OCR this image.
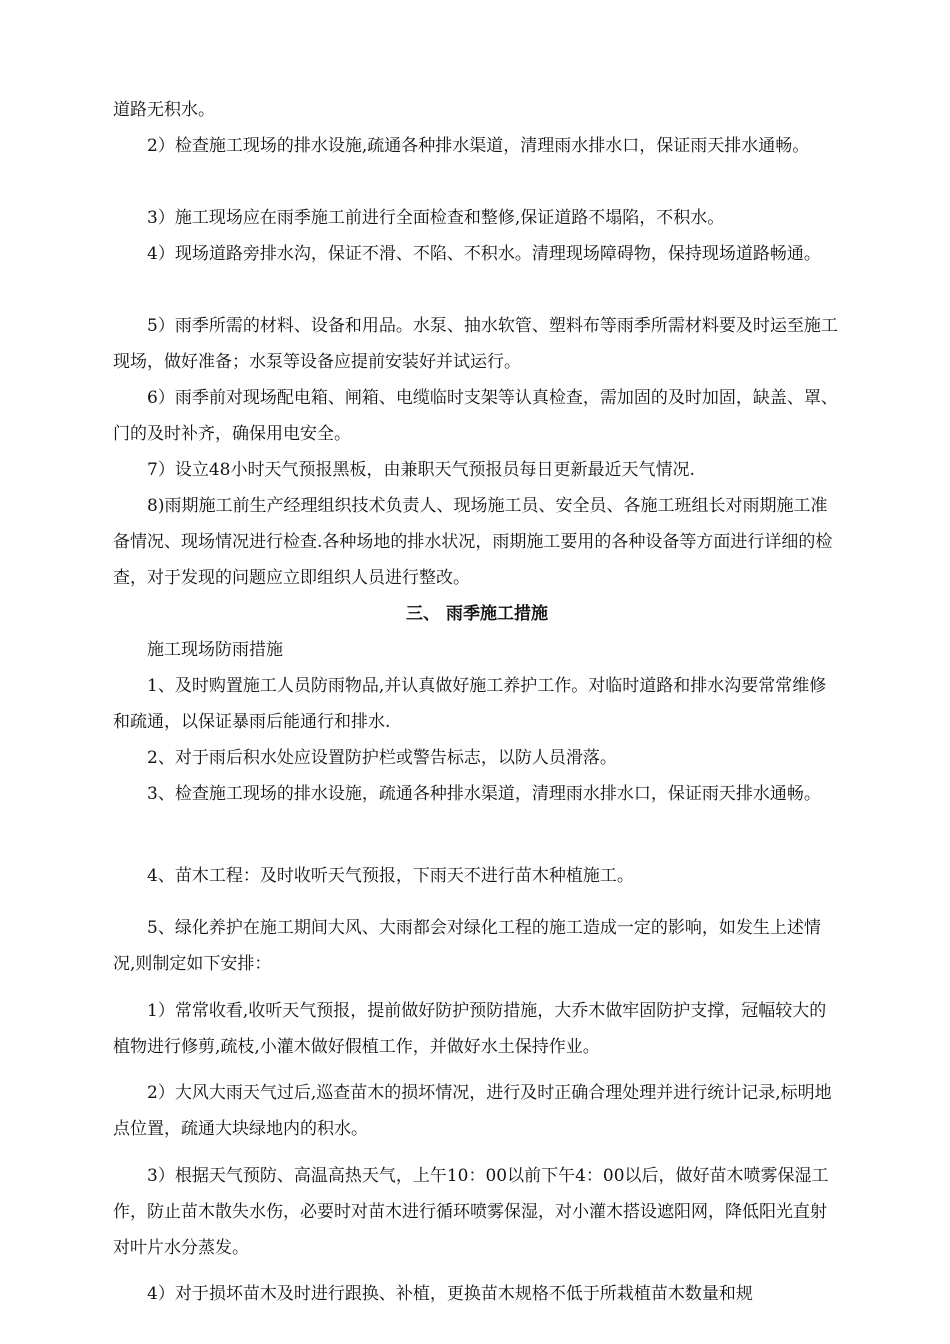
道路无积水。

2）检查施工现场的排水设施,疏通各种排水渠道，清理雨水排水口，保证雨天排水通畅。

3）施工现场应在雨季施工前进行全面检查和整修,保证道路不塌陷，不积水。

4）现场道路旁排水沟，保证不滑、不陷、不积水。清理现场障碍物，保持现场道路畅通。

5）雨季所需的材料、设备和用品。水泵、抽水软管、塑料布等雨季所需材料要及时运至施工现场，做好准备；水泵等设备应提前安装好并试运行。

6）雨季前对现场配电箱、闸箱、电缆临时支架等认真检查，需加固的及时加固，缺盖、罩、门的及时补齐，确保用电安全。

7）设立48小时天气预报黑板，由兼职天气预报员每日更新最近天气情况.

8)雨期施工前生产经理组织技术负责人、现场施工员、安全员、各施工班组长对雨期施工准备情况、现场情况进行检查.各种场地的排水状况，雨期施工要用的各种设备等方面进行详细的检查，对于发现的问题应立即组织人员进行整改。

三、 雨季施工措施

施工现场防雨措施

1、及时购置施工人员防雨物品,并认真做好施工养护工作。对临时道路和排水沟要常常维修和疏通，以保证暴雨后能通行和排水.

2、对于雨后积水处应设置防护栏或警告标志，以防人员滑落。

3、检查施工现场的排水设施，疏通各种排水渠道，清理雨水排水口，保证雨天排水通畅。

4、苗木工程：及时收听天气预报，下雨天不进行苗木种植施工。

5、绿化养护在施工期间大风、大雨都会对绿化工程的施工造成一定的影响，如发生上述情况,则制定如下安排：

1）常常收看,收听天气预报，提前做好防护预防措施，大乔木做牢固防护支撑，冠幅较大的植物进行修剪,疏枝,小灌木做好假植工作，并做好水土保持作业。

2）大风大雨天气过后,巡查苗木的损坏情况，进行及时正确合理处理并进行统计记录,标明地点位置，疏通大块绿地内的积水。

3）根据天气预防、高温高热天气，上午10：00以前下午4：00以后，做好苗木喷雾保湿工作，防止苗木散失水伤，必要时对苗木进行循环喷雾保湿，对小灌木搭设遮阳网，降低阳光直射对叶片水分蒸发。

4）对于损坏苗木及时进行跟换、补植，更换苗木规格不低于所栽植苗木数量和规
